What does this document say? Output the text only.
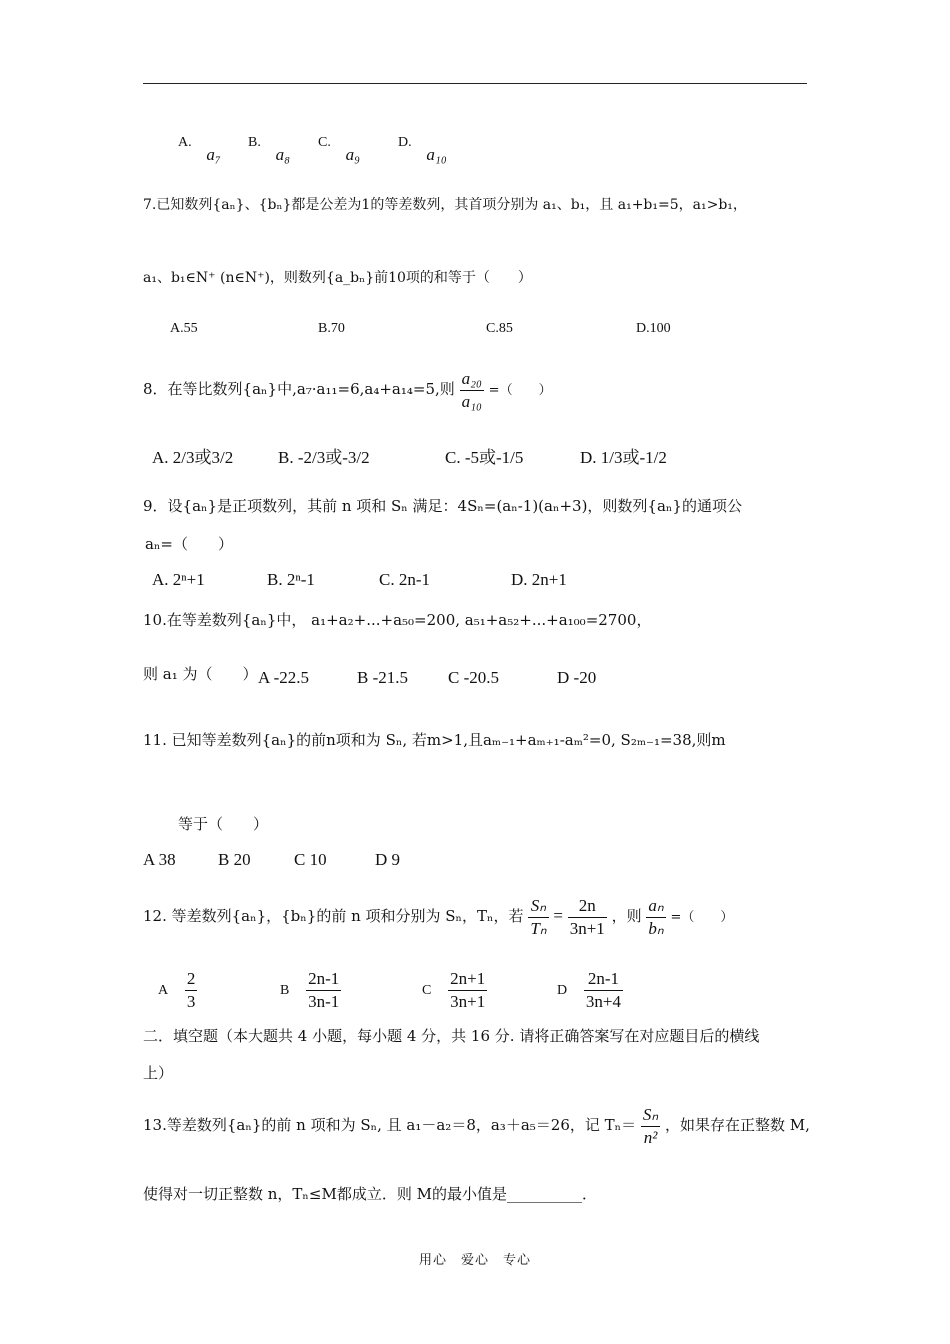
A. a₇
B. a₈
C. a₉
D. a₁₀
7.已知数列{aₙ}、{bₙ}都是公差为1的等差数列，其首项分别为 a₁、b₁，且 a₁+b₁=5，a₁>b₁，
a₁、b₁∈N⁺ (n∈N⁺)，则数列{a_bₙ}前10项的和等于（　　）
A.55	B.70	C.85	D.100
8．在等比数列{aₙ}中,a₇·a₁₁=6,a₄+a₁₄=5,则 $\frac{\text{a₂₀}}{\text{a₁₀}}$ =（　　）
A. 2/3或3/2	B. -2/3或-3/2	C. -5或-1/5	D. 1/3或-1/2
9．设{aₙ}是正项数列，其前 n 项和 Sₙ 满足：4Sₙ=(aₙ-1)(aₙ+3)，则数列{aₙ}的通项公
aₙ=（　　）
A. 2ⁿ+1	B. 2ⁿ-1	C. 2n-1	D. 2n+1
10.在等差数列{aₙ}中， a₁+a₂+...+a₅₀=200, a₅₁+a₅₂+...+a₁₀₀=2700，
则 a₁ 为（　　） A -22.5	B -21.5 C -20.5	D -20
11. 已知等差数列{aₙ}的前n项和为 Sₙ, 若m>1,且aₘ₋₁+aₘ₊₁-aₘ²=0, S₂ₘ₋₁=38,则m
等于（　　）
A 38 B 20	C 10	D 9
12. 等差数列{aₙ}，{bₙ}的前 n 项和分别为 Sₙ，Tₙ，若 $\frac{\text{Sₙ}}{\text{Tₙ}} = \frac{2n}{3n+1}$ ，则 $\frac{\text{aₙ}}{\text{bₙ}}$ =（　　）
A $\frac{2}{3}$	B $\frac{2n-1}{3n-1}$	C $\frac{2n+1}{3n+1}$	D $\frac{2n-1}{3n+4}$
二．填空题（本大题共 4 小题，每小题 4 分，共 16 分. 请将正确答案写在对应题目后的横线
上）
13.等差数列{aₙ}的前 n 项和为 Sₙ, 且 a₁－a₂＝8，a₃＋a₅＝26，记 $T_n= \frac{\text{Sₙ}}{\text{n²}}$ ，如果存在正整数 M,
使得对一切正整数 n，Tₙ≤M都成立．则 M的最小值是__________．
用心　爱心　专心
